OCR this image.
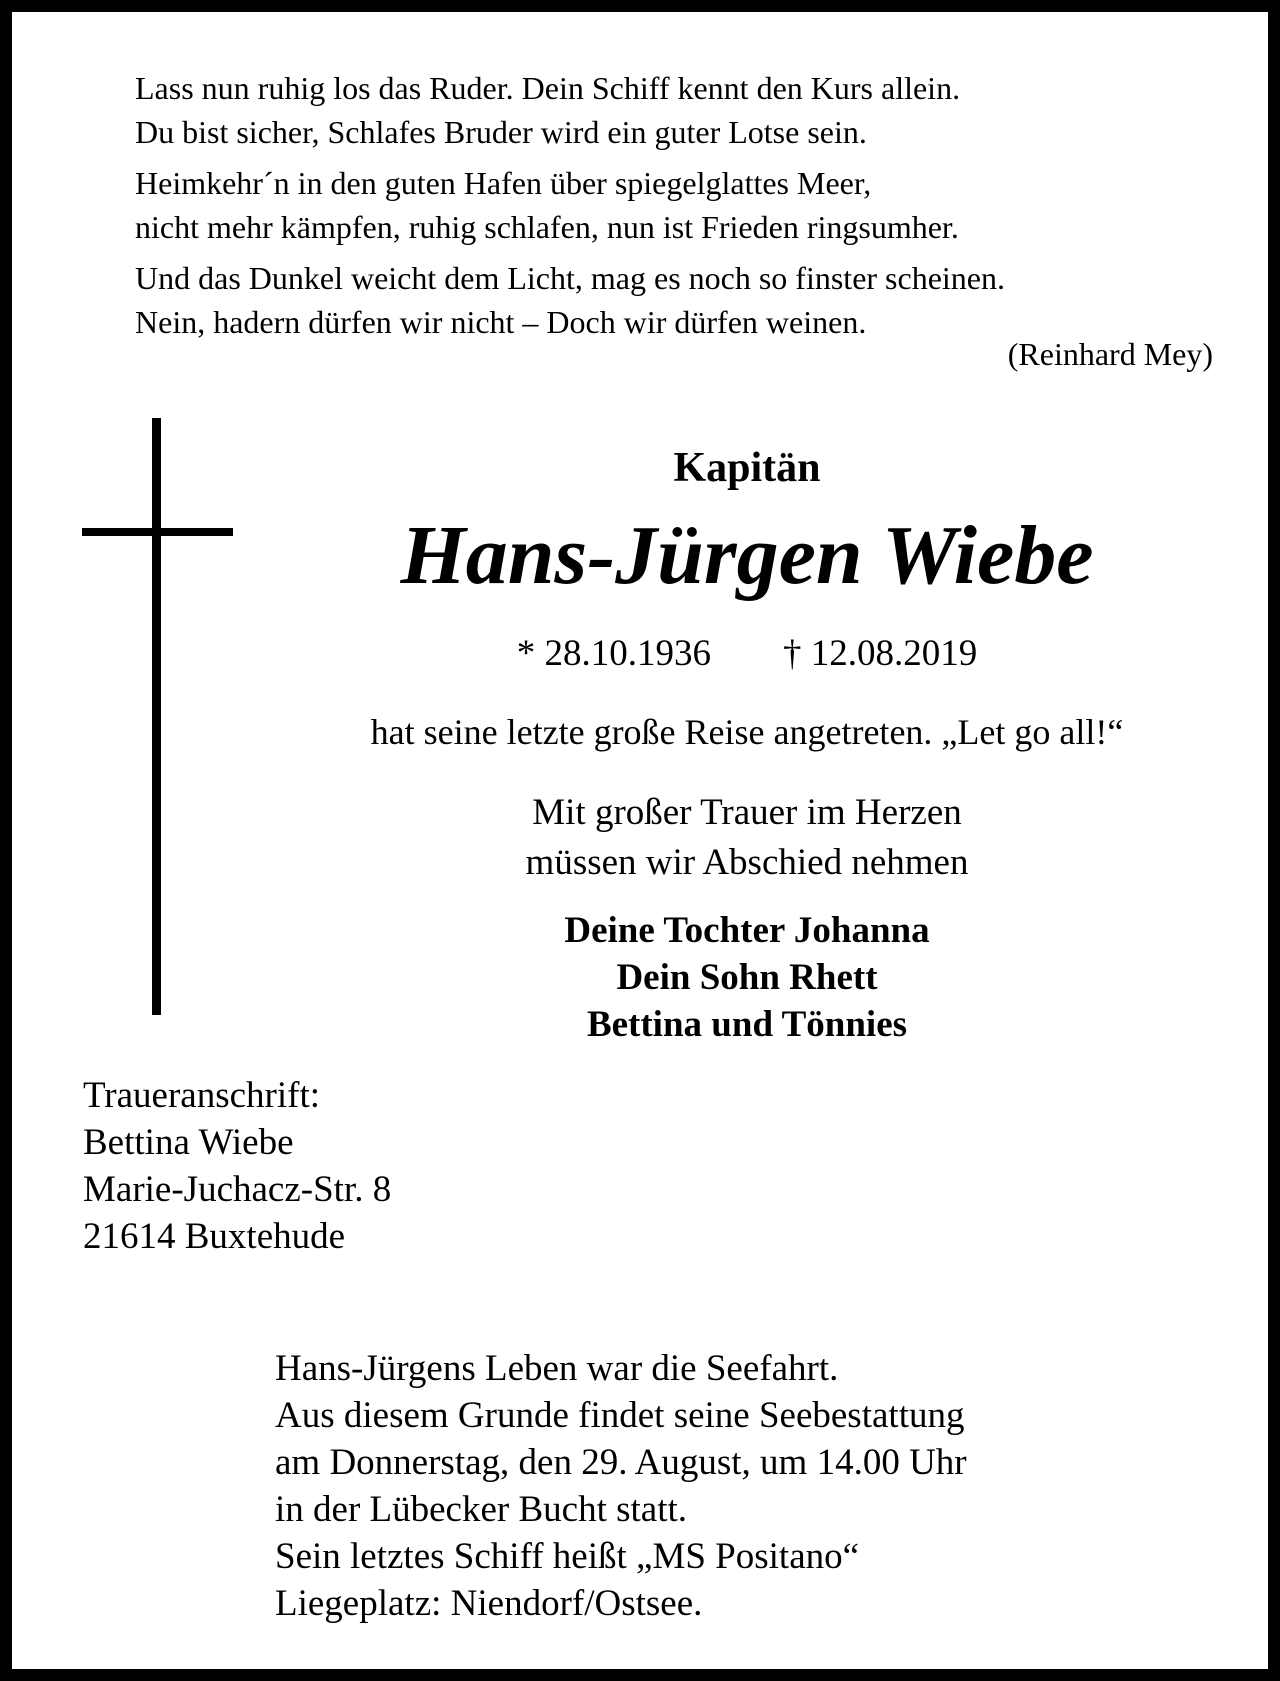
Lass nun ruhig los das Ruder. Dein Schiff kennt den Kurs allein.
Du bist sicher, Schlafes Bruder wird ein guter Lotse sein.

Heimkehr´n in den guten Hafen über spiegelglattes Meer,
nicht mehr kämpfen, ruhig schlafen, nun ist Frieden ringsumher.

Und das Dunkel weicht dem Licht, mag es noch so finster scheinen.
Nein, hadern dürfen wir nicht – Doch wir dürfen weinen.

(Reinhard Mey)
Kapitän
Hans-Jürgen Wiebe
* 28.10.1936 † 12.08.2019
hat seine letzte große Reise angetreten. „Let go all!“
Mit großer Trauer im Herzen
müssen wir Abschied nehmen
Deine Tochter Johanna
Dein Sohn Rhett
Bettina und Tönnies
Traueranschrift:
Bettina Wiebe
Marie-Juchacz-Str. 8
21614 Buxtehude
Hans-Jürgens Leben war die Seefahrt.
Aus diesem Grunde findet seine Seebestattung
am Donnerstag, den 29. August, um 14.00 Uhr
in der Lübecker Bucht statt.
Sein letztes Schiff heißt „MS Positano“
Liegeplatz: Niendorf/Ostsee.
